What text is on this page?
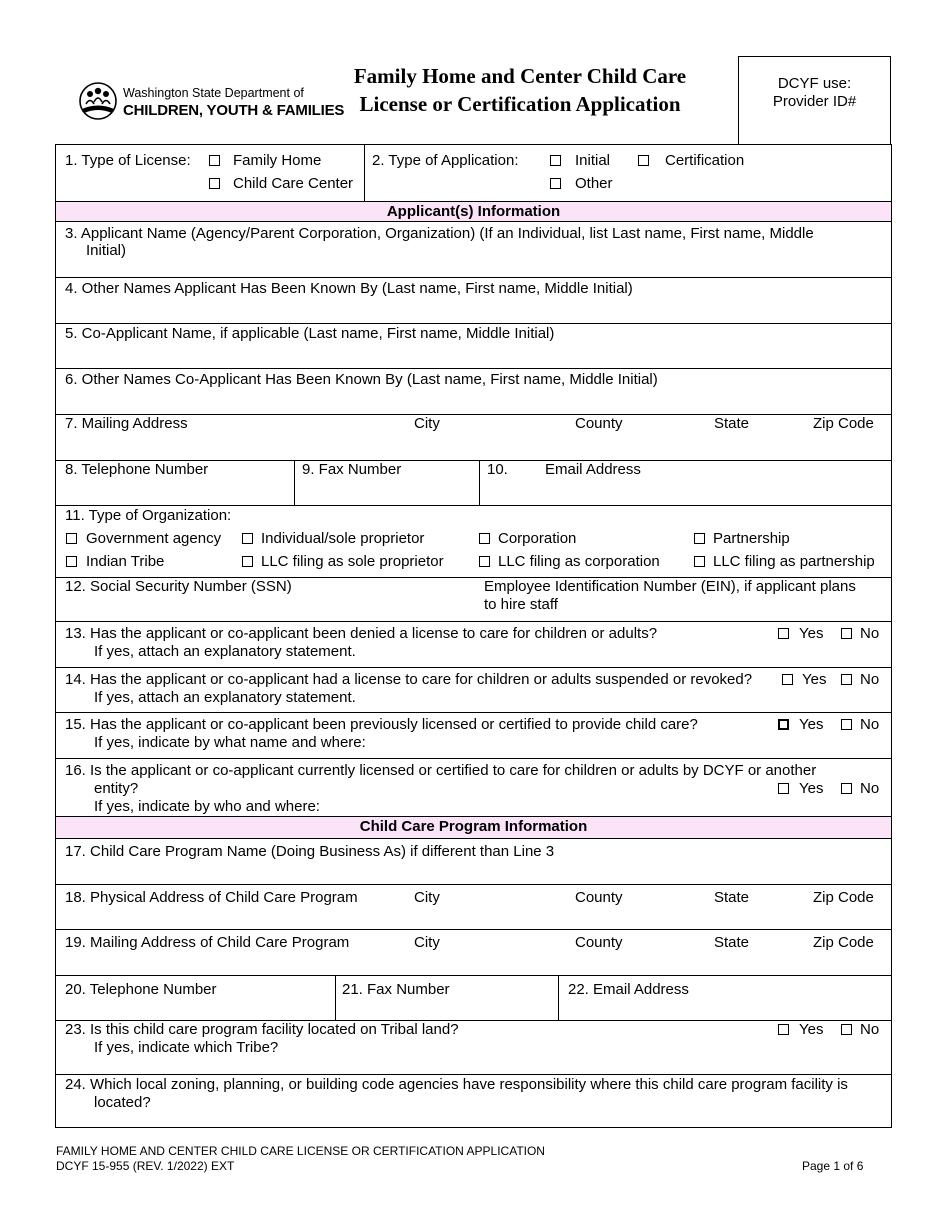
Washington State Department of
CHILDREN, YOUTH & FAMILIES
Family Home and Center Child Care
License or Certification Application
DCYF use:
Provider ID#
1. Type of License:	Family Home
Child Care Center
2. Type of Application:	Initial	Certification
Other
Applicant(s) Information
3. Applicant Name (Agency/Parent Corporation, Organization) (If an Individual, list Last name, First name, Middle
Initial)
4. Other Names Applicant Has Been Known By (Last name, First name, Middle Initial)
5. Co-Applicant Name, if applicable (Last name, First name, Middle Initial)
6. Other Names Co-Applicant Has Been Known By (Last name, First name, Middle Initial)
7. Mailing Address	City	County	State	Zip Code
8. Telephone Number	9. Fax Number	10. Email Address
11. Type of Organization:
Government agency	Individual/sole proprietor	Corporation	Partnership
Indian Tribe	LLC filing as sole proprietor	LLC filing as corporation	LLC filing as partnership
12. Social Security Number (SSN)	Employee Identification Number (EIN), if applicant plans
to hire staff
13. Has the applicant or co-applicant been denied a license to care for children or adults?
If yes, attach an explanatory statement.
Yes No
14. Has the applicant or co-applicant had a license to care for children or adults suspended or revoked?
If yes, attach an explanatory statement.
Yes No
15. Has the applicant or co-applicant been previously licensed or certified to provide child care?
If yes, indicate by what name and where:
Yes No
16. Is the applicant or co-applicant currently licensed or certified to care for children or adults by DCYF or another
entity?
If yes, indicate by who and where:
Yes No
Child Care Program Information
17. Child Care Program Name (Doing Business As) if different than Line 3
18. Physical Address of Child Care Program	City	County	State	Zip Code
19. Mailing Address of Child Care Program	City	County	State	Zip Code
20. Telephone Number	21. Fax Number	22. Email Address
23. Is this child care program facility located on Tribal land?
If yes, indicate which Tribe?
Yes No
24. Which local zoning, planning, or building code agencies have responsibility where this child care program facility is
located?
FAMILY HOME AND CENTER CHILD CARE LICENSE OR CERTIFICATION APPLICATION
DCYF 15-955 (REV. 1/2022) EXT	Page 1 of 6
